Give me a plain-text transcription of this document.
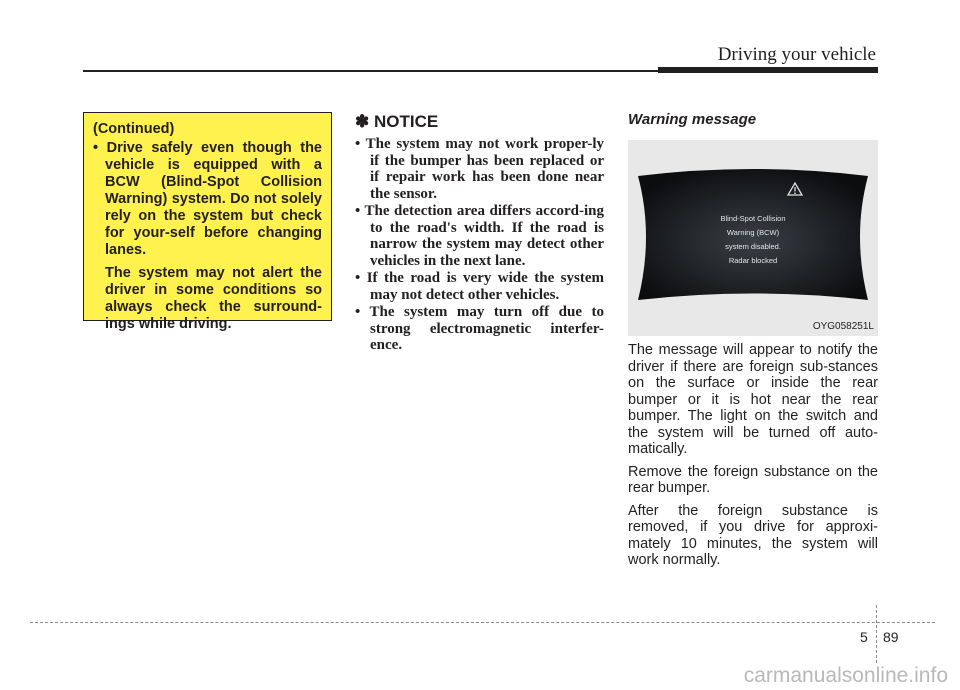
Driving your vehicle
(Continued)

• Drive safely even though the vehicle is equipped with a BCW (Blind-Spot Collision Warning) system. Do not solely rely on the system but check for your-self before changing lanes.

The system may not alert the driver in some conditions so always check the surround-ings while driving.

✽ NOTICE
• The system may not work proper-ly if the bumper has been replaced or if repair work has been done near the sensor.
• The detection area differs accord-ing to the road's width. If the road is narrow the system may detect other vehicles in the next lane.
• If the road is very wide the system may not detect other vehicles.
• The system may turn off due to strong electromagnetic interfer-ence.
Warning message
Blind-Spot Collision
Warning (BCW)
system disabled.
Radar blocked
OYG058251L

The message will appear to notify the driver if there are foreign sub-stances on the surface or inside the rear bumper or it is hot near the rear bumper. The light on the switch and the system will be turned off auto-matically.

Remove the foreign substance on the rear bumper.

After the foreign substance is removed, if you drive for approxi-mately 10 minutes, the system will work normally.

5 89
carmanualsonline.info
